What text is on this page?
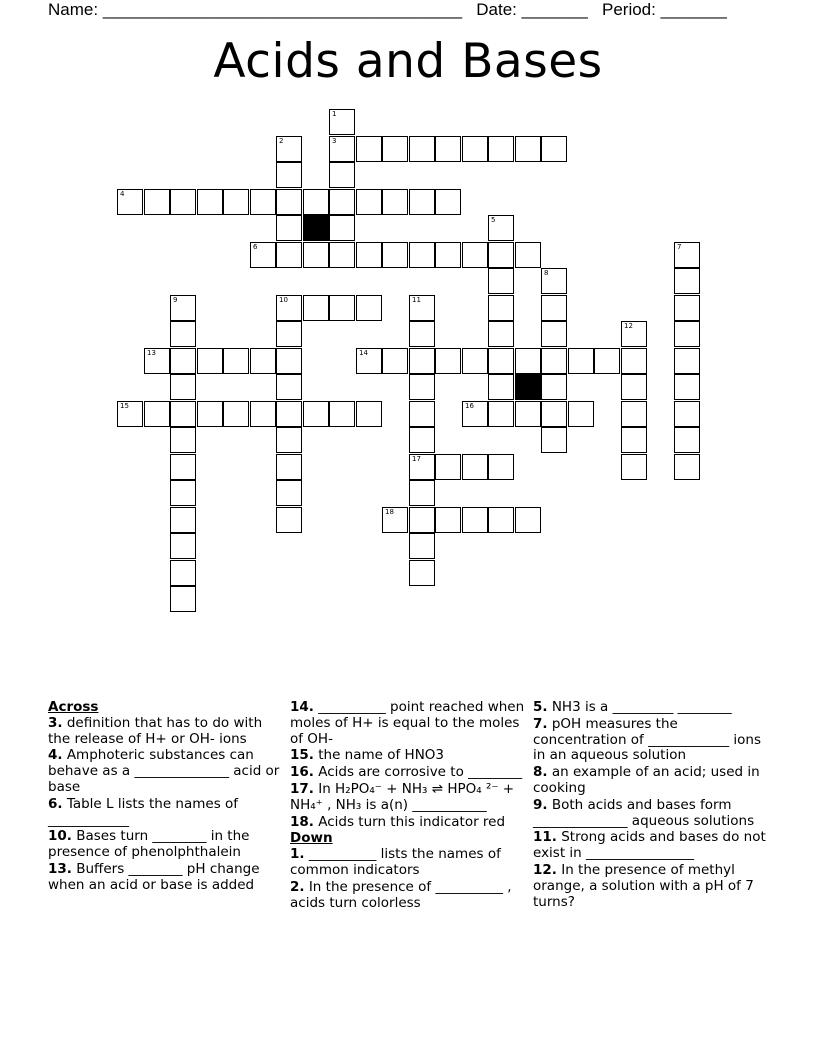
Name: ______________________________________ Date: _______ Period: _______
Acids and Bases
1
2	3
4
5
6	7
8
9	10	11
12
13	14
15	16
17
18
Across
3. definition that has to do with the release of H+ or OH- ions
4. Amphoteric substances can behave as a ______________ acid or base
6. Table L lists the names of ____________
10. Bases turn ________ in the presence of phenolphthalein
13. Buffers ________ pH change when an acid or base is added
14. __________ point reached when moles of H+ is equal to the moles of OH-
15. the name of HNO3
16. Acids are corrosive to ________
17. In H₂PO₄⁻ + NH₃ ⇌ HPO₄ ²⁻ + NH₄⁺ , NH₃ is a(n) ___________
18. Acids turn this indicator red
Down
1. __________ lists the names of common indicators
2. In the presence of __________ , acids turn colorless
5. NH3 is a _________ ________
7. pOH measures the concentration of ____________ ions in an aqueous solution
8. an example of an acid; used in cooking
9. Both acids and bases form ______________ aqueous solutions
11. Strong acids and bases do not exist in ________________
12. In the presence of methyl orange, a solution with a pH of 7 turns?
